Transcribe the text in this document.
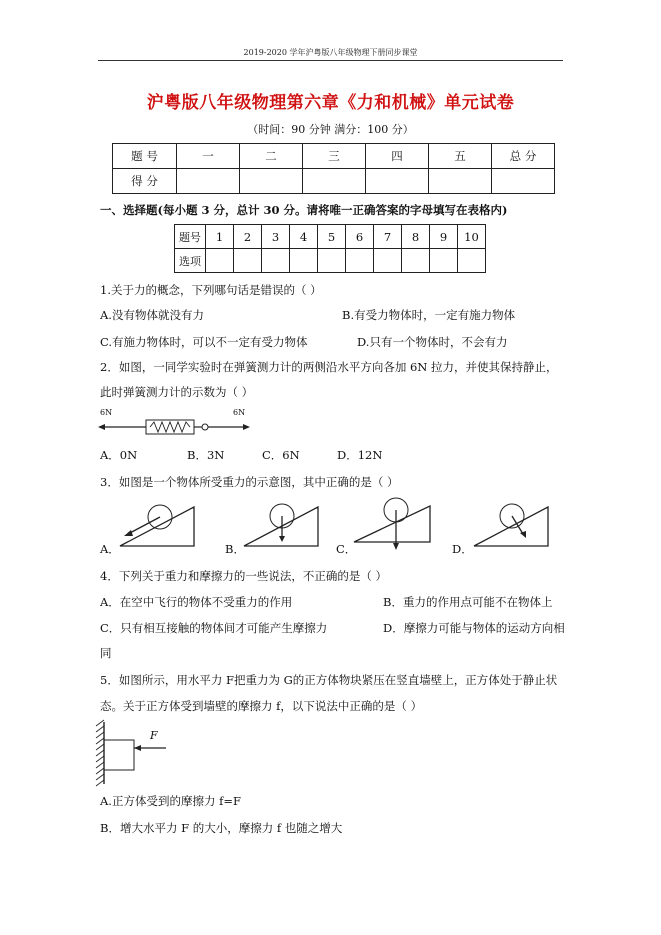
2019-2020 学年沪粤版八年级物理下册同步课堂
沪粤版八年级物理第六章《力和机械》单元试卷
（时间：90 分钟 满分：100 分）
题 号	一	二	三	四	五	总 分
得 分						
一、选择题(每小题 3 分，总计 30 分。请将唯一正确答案的字母填写在表格内)
题号	1	2	3	4	5	6	7	8	9	10
选项										
1.关于力的概念，下列哪句话是错误的（ ）
A.没有物体就没有力	B.有受力物体时，一定有施力物体
C.有施力物体时，可以不一定有受力物体	D.只有一个物体时，不会有力
2．如图，一同学实验时在弹簧测力计的两侧沿水平方向各加 6N 拉力，并使其保持静止，
此时弹簧测力计的示数为（ ）
6N	6N
A．0N	B．3N	C．6N	D．12N
3．如图是一个物体所受重力的示意图，其中正确的是（ ）
A．	B．	C．	D．
4．下列关于重力和摩擦力的一些说法，不正确的是（ ）
A．在空中飞行的物体不受重力的作用	B．重力的作用点可能不在物体上
C．只有相互接触的物体间才可能产生摩擦力	D．摩擦力可能与物体的运动方向相
同
5．如图所示，用水平力 F把重力为 G的正方体物块紧压在竖直墙壁上，正方体处于静止状
态。关于正方体受到墙壁的摩擦力 f，以下说法中正确的是（ ）
F
A.正方体受到的摩擦力 f=F
B．增大水平力 F 的大小，摩擦力 f 也随之增大
